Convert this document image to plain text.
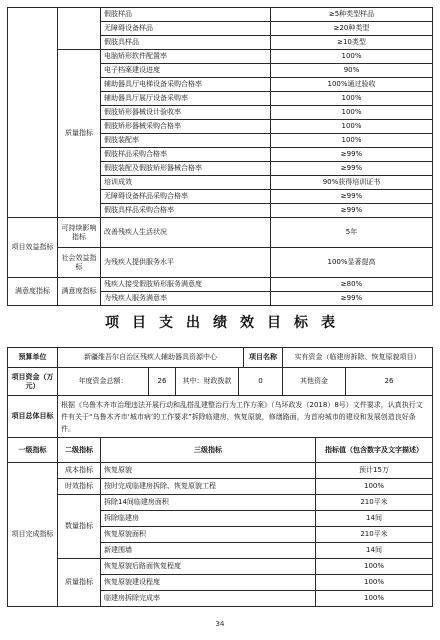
		假肢样品	≥5种类型样品
		无障碍设备样品	≥20种类型
		假肢具样品	≥10类型
	质量指标	电脑矫形软件配置率	100%
		电子档案建设进度	90%
		辅助器具厅电梯设备采购合格率	100%通过验收
		辅助器具厅展厅设备采购率	100%
		假肢矫形器械设计验收率	100%
		假肢矫形器械采购合格率	100%
		假肢装配率	100%
		假肢样品采购合格率	≥99%
		假肢装配及假肢矫形器械合格率	≥99%
		培训成效	90%获得培训证书
		无障碍设备样品采购合格率	≥99%
		假肢具样品采购合格率	≥99%
项目效益指标	可持续影响指标	改善残疾人生活状况	5年
	社会效益指标	为残疾人提供服务水平	100%显著提高
满意度指标	满意度指标	残疾人接受假肢矫形服务满意度	≥80%
		为残疾人服务满意率	≥99%
项目支出绩效目标表
预算单位	新疆维吾尔自治区残疾人辅助器具资源中心	项目名称	实有资金（临建房拆除、恢复原貌项目）
项目资金（万元）	年度资金总额：	26	其中：财政拨款	0	其他资金	26
项目总体目标	根据《乌鲁木齐市治理违法开展行动和乱搭乱建整治行为工作方案》（乌环政发（2018）8号）文件要求，认真执行文件有关于“乌鲁木齐市‘城市病’的工作要求”拆除临建房，恢复原貌，修缮路面，为首府城市的建设和发展创造良好条件。
一级指标	二级指标	三级指标	指标值（包含数字及文字描述）
项目完成指标	成本指标	恢复原貌	预计15万
	时效指标	按时完成临建房拆除、恢复原貌工程	100%
	数量指标	拆除14间临建房面积	210平米
		拆除临建房	14间
		恢复原貌面积	210平米
		新建围墙	14间
	质量指标	恢复原貌后路面恢复程度	100%
		恢复原貌建设程度	100%
		临建房拆除完成率	100%
34
